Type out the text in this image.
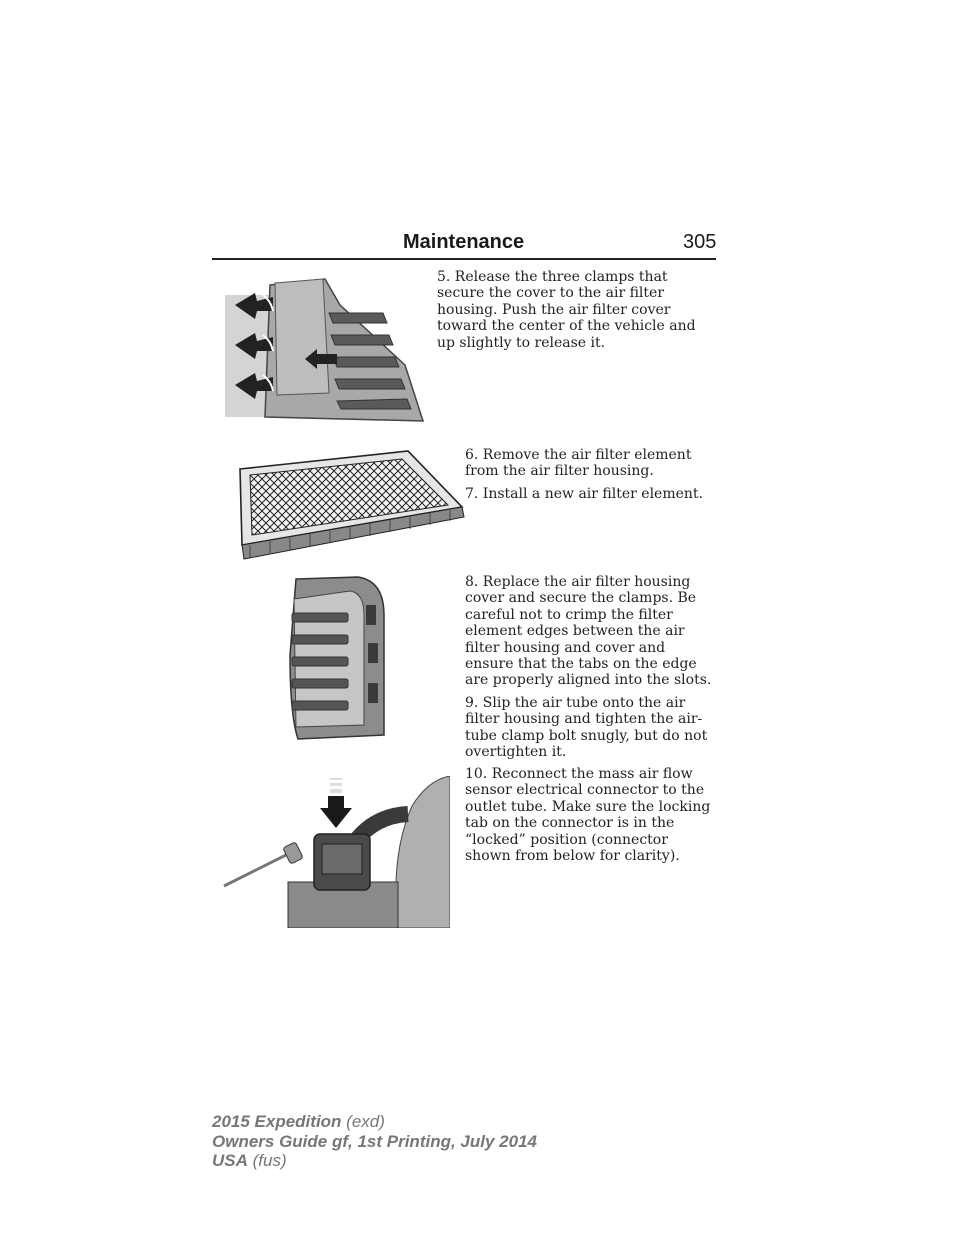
Maintenance	305

5. Release the three clamps that secure the cover to the air filter housing. Push the air filter cover toward the center of the vehicle and up slightly to release it.

6. Remove the air filter element from the air filter housing.

7. Install a new air filter element.

8. Replace the air filter housing cover and secure the clamps. Be careful not to crimp the filter element edges between the air filter housing and cover and ensure that the tabs on the edge are properly aligned into the slots.

9. Slip the air tube onto the air filter housing and tighten the air-tube clamp bolt snugly, but do not overtighten it.

10. Reconnect the mass air flow sensor electrical connector to the outlet tube. Make sure the locking tab on the connector is in the “locked” position (connector shown from below for clarity).

2015 Expedition (exd)
Owners Guide gf, 1st Printing, July 2014
USA (fus)
